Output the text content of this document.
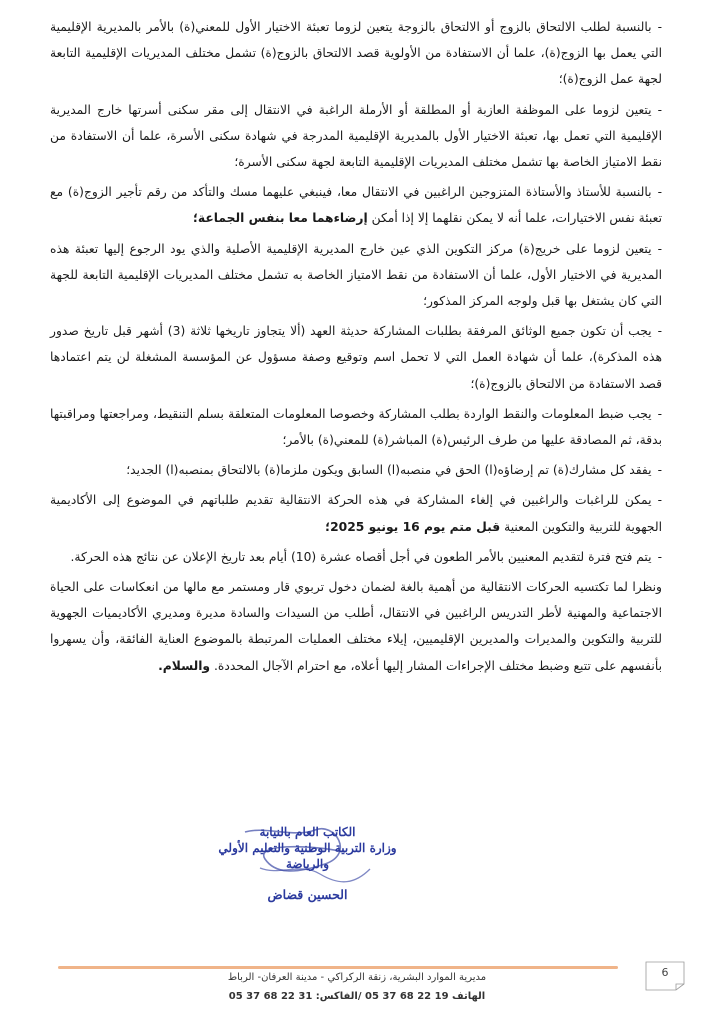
-بالنسبة لطلب الالتحاق بالزوج أو الالتحاق بالزوجة يتعين لزوما تعبئة الاختيار الأول للمعني(ة) بالأمر بالمديرية الإقليمية التي يعمل بها الزوج(ة)، علما أن الاستفادة من الأولوية قصد الالتحاق بالزوج(ة) تشمل مختلف المديريات الإقليمية التابعة لجهة عمل الزوج(ة)؛

-يتعين لزوما على الموظفة العازبة أو المطلقة أو الأرملة الراغبة في الانتقال إلى مقر سكنى أسرتها خارج المديرية الإقليمية التي تعمل بها، تعبئة الاختيار الأول بالمديرية الإقليمية المدرجة في شهادة سكنى الأسرة، علما أن الاستفادة من نقط الامتياز الخاصة بها تشمل مختلف المديريات الإقليمية التابعة لجهة سكنى الأسرة؛

-بالنسبة للأستاذ والأستاذة المتزوجين الراغبين في الانتقال معا، فينبغي عليهما مسك والتأكد من رقم تأجير الزوج(ة) مع تعبئة نفس الاختيارات، علما أنه لا يمكن نقلهما إلا إذا أمكن إرضاءهما معا بنفس الجماعة؛

-يتعين لزوما على خريج(ة) مركز التكوين الذي عين خارج المديرية الإقليمية الأصلية والذي يود الرجوع إليها تعبئة هذه المديرية في الاختيار الأول، علما أن الاستفادة من نقط الامتياز الخاصة به تشمل مختلف المديريات الإقليمية التابعة للجهة التي كان يشتغل بها قبل ولوجه المركز المذكور؛

-يجب أن تكون جميع الوثائق المرفقة بطلبات المشاركة حديثة العهد (ألا يتجاوز تاريخها ثلاثة (3) أشهر قبل تاريخ صدور هذه المذكرة)، علما أن شهادة العمل التي لا تحمل اسم وتوقيع وصفة مسؤول عن المؤسسة المشغلة لن يتم اعتمادها قصد الاستفادة من الالتحاق بالزوج(ة)؛

-يجب ضبط المعلومات والنقط الواردة بطلب المشاركة وخصوصا المعلومات المتعلقة بسلم التنقيط، ومراجعتها ومراقبتها بدقة، ثم المصادقة عليها من طرف الرئيس(ة) المباشر(ة) للمعني(ة) بالأمر؛

-يفقد كل مشارك(ة) تم إرضاؤه(ا) الحق في منصبه(ا) السابق ويكون ملزما(ة) بالالتحاق بمنصبه(ا) الجديد؛

-يمكن للراغبات والراغبين في إلغاء المشاركة في هذه الحركة الانتقالية تقديم طلباتهم في الموضوع إلى الأكاديمية الجهوية للتربية والتكوين المعنية قبل متم يوم 16 يونيو 2025؛

-يتم فتح فترة لتقديم المعنيين بالأمر الطعون في أجل أقصاه عشرة (10) أيام بعد تاريخ الإعلان عن نتائج هذه الحركة.

ونظرا لما تكتسيه الحركات الانتقالية من أهمية بالغة لضمان دخول تربوي قار ومستمر مع مالها من انعكاسات على الحياة الاجتماعية والمهنية لأطر التدريس الراغبين في الانتقال، أطلب من السيدات والسادة مديرة ومديري الأكاديميات الجهوية للتربية والتكوين والمديرات والمديرين الإقليميين، إيلاء مختلف العمليات المرتبطة بالموضوع العناية الفائقة، وأن يسهروا بأنفسهم على تتبع وضبط مختلف الإجراءات المشار إليها أعلاه، مع احترام الآجال المحددة. والسلام.

الكاتب العام بالنيابة
وزارة التربية الوطنية والتعليم الأولي
والرياضة
الحسين قضاض
مديرية الموارد البشرية، زنقة الركراكي - مدينة العرفان- الرباط
الهاتف 19 22 68 37 05 /الفاكس: 31 22 68 37 05
6
